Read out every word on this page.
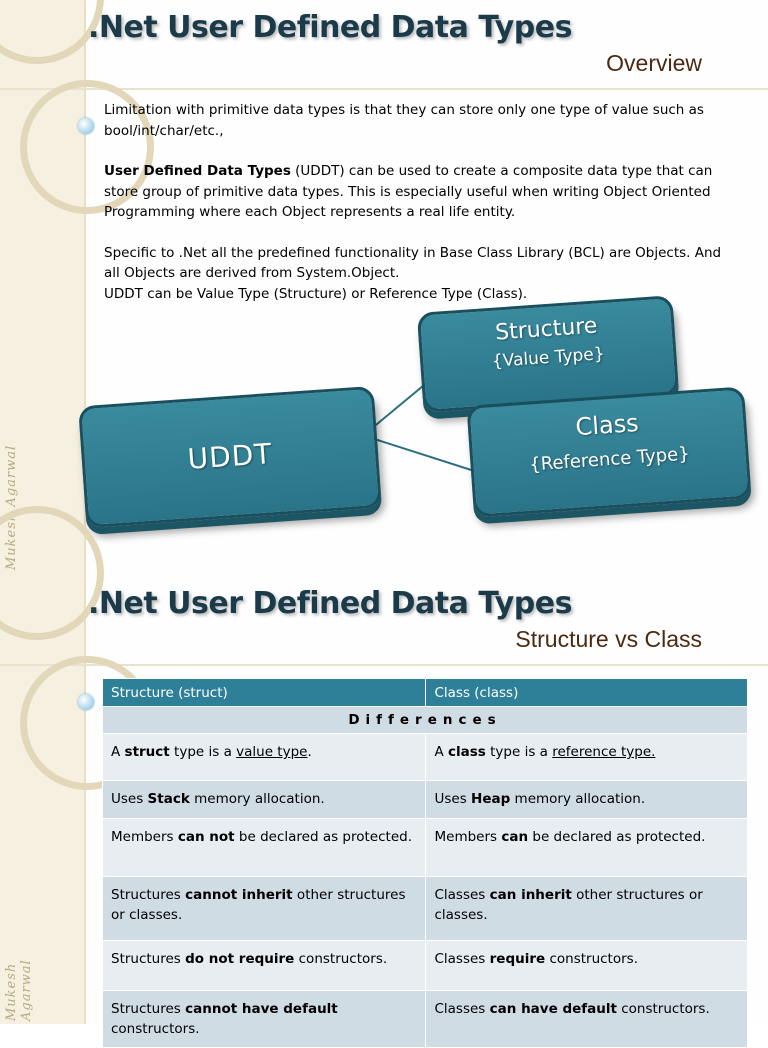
Mukesh Agarwal
.Net User Defined Data Types
Overview

Limitation with primitive data types is that they can store only one type of value such as bool/int/char/etc.,

User Defined Data Types (UDDT) can be used to create a composite data type that can store group of primitive data types. This is especially useful when writing Object Oriented Programming where each Object represents a real life entity.

Specific to .Net all the predefined functionality in Base Class Library (BCL) are Objects. And all Objects are derived from System.Object.
UDDT can be Value Type (Structure) or Reference Type (Class).

UDDT
Structure
{Value Type}
Class
{Reference Type}
Mukesh Agarwal
.Net User Defined Data Types
Structure vs Class
Structure (struct)	Class (class)
Differences	
A struct type is a value type.	A class type is a reference type.
Uses Stack memory allocation.	Uses Heap memory allocation.
Members can not be declared as protected.	Members can be declared as protected.
Structures cannot inherit other structures or classes.	Classes can inherit other structures or classes.
Structures do not require constructors.	Classes require constructors.
Structures cannot have default constructors.	Classes can have default constructors.
